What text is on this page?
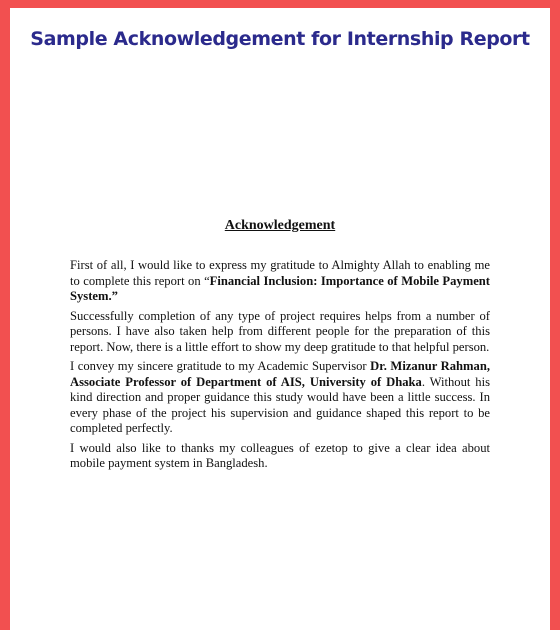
Sample Acknowledgement for Internship Report
Acknowledgement

First of all, I would like to express my gratitude to Almighty Allah to enabling me to complete this report on “Financial Inclusion: Importance of Mobile Payment System.”

Successfully completion of any type of project requires helps from a number of persons. I have also taken help from different people for the preparation of this report. Now, there is a little effort to show my deep gratitude to that helpful person.

I convey my sincere gratitude to my Academic Supervisor Dr. Mizanur Rahman, Associate Professor of Department of AIS, University of Dhaka. Without his kind direction and proper guidance this study would have been a little success. In every phase of the project his supervision and guidance shaped this report to be completed perfectly.

I would also like to thanks my colleagues of ezetop to give a clear idea about mobile payment system in Bangladesh.
